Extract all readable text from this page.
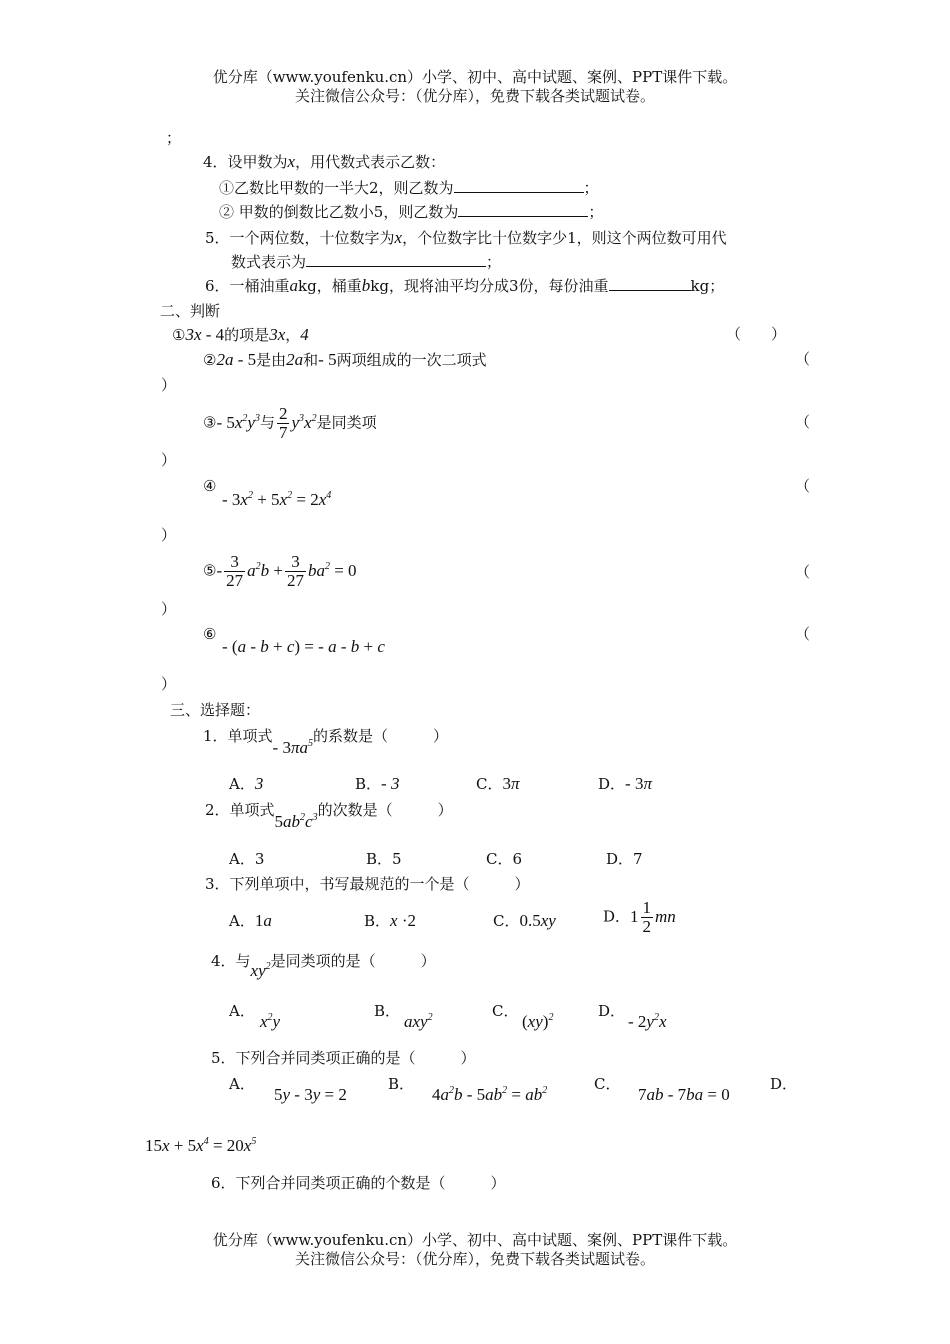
优分库（www.youfenku.cn）小学、初中、高中试题、案例、PPT课件下载。
关注微信公众号：（优分库），免费下载各类试题试卷。
；
4．设甲数为x，用代数式表示乙数：
①乙数比甲数的一半大2，则乙数为	；
② 甲数的倒数比乙数小5，则乙数为	；
5．一个两位数，十位数字为x，个位数字比十位数字少1，则这个两位数可用代
数式表示为	；
6．一桶油重akg，桶重bkg，现将油平均分成3份，每份油重	kg；
二、判断
①3x - 4的项是3x，4	（　　 ）
②2a - 5是由2a和- 5两项组成的一次二项式	（
）
③- $5x^2y^3$与 $\frac{2}{7} y^3x^2$是同类项	（
）
④
- $3x^2 + 5x^2 = 2x^4$
（
）
⑤- $\frac{3}{27} a^2b + \frac{3}{27} ba^2 = 0$	（
）
⑥
- (a - b + c) = - a - b + c
（
）
三、选择题：
1．单项式- $3\pi a^5$的系数是（　　　）
A．3	B．- 3	C．3π	D．- 3π
2．单项式$5ab^2c^3$的次数是（　　　）
A．3	B．5	C．6	D．7
3．下列单项中，书写最规范的一个是（　　　）
A．1a	B．x ·2	C．0.5xy	D．$1 \frac{1}{2}$ mn
4．与$xy^2$是同类项的是（　　　）
A．
$x^2y$
B．
axy$^2$	C．
(xy)$^2$	D．
- $2y^2x$
5．下列合并同类项正确的是（　　　）
A．
5y - 3y = 2
B．
$4a^2b - 5ab^2 = ab^2$	C．
7ab - 7ba = 0
D．
$15x + 5x^4 = 20x^5$
6．下列合并同类项正确的个数是（　　　）
优分库（www.youfenku.cn）小学、初中、高中试题、案例、PPT课件下载。
关注微信公众号：（优分库），免费下载各类试题试卷。
